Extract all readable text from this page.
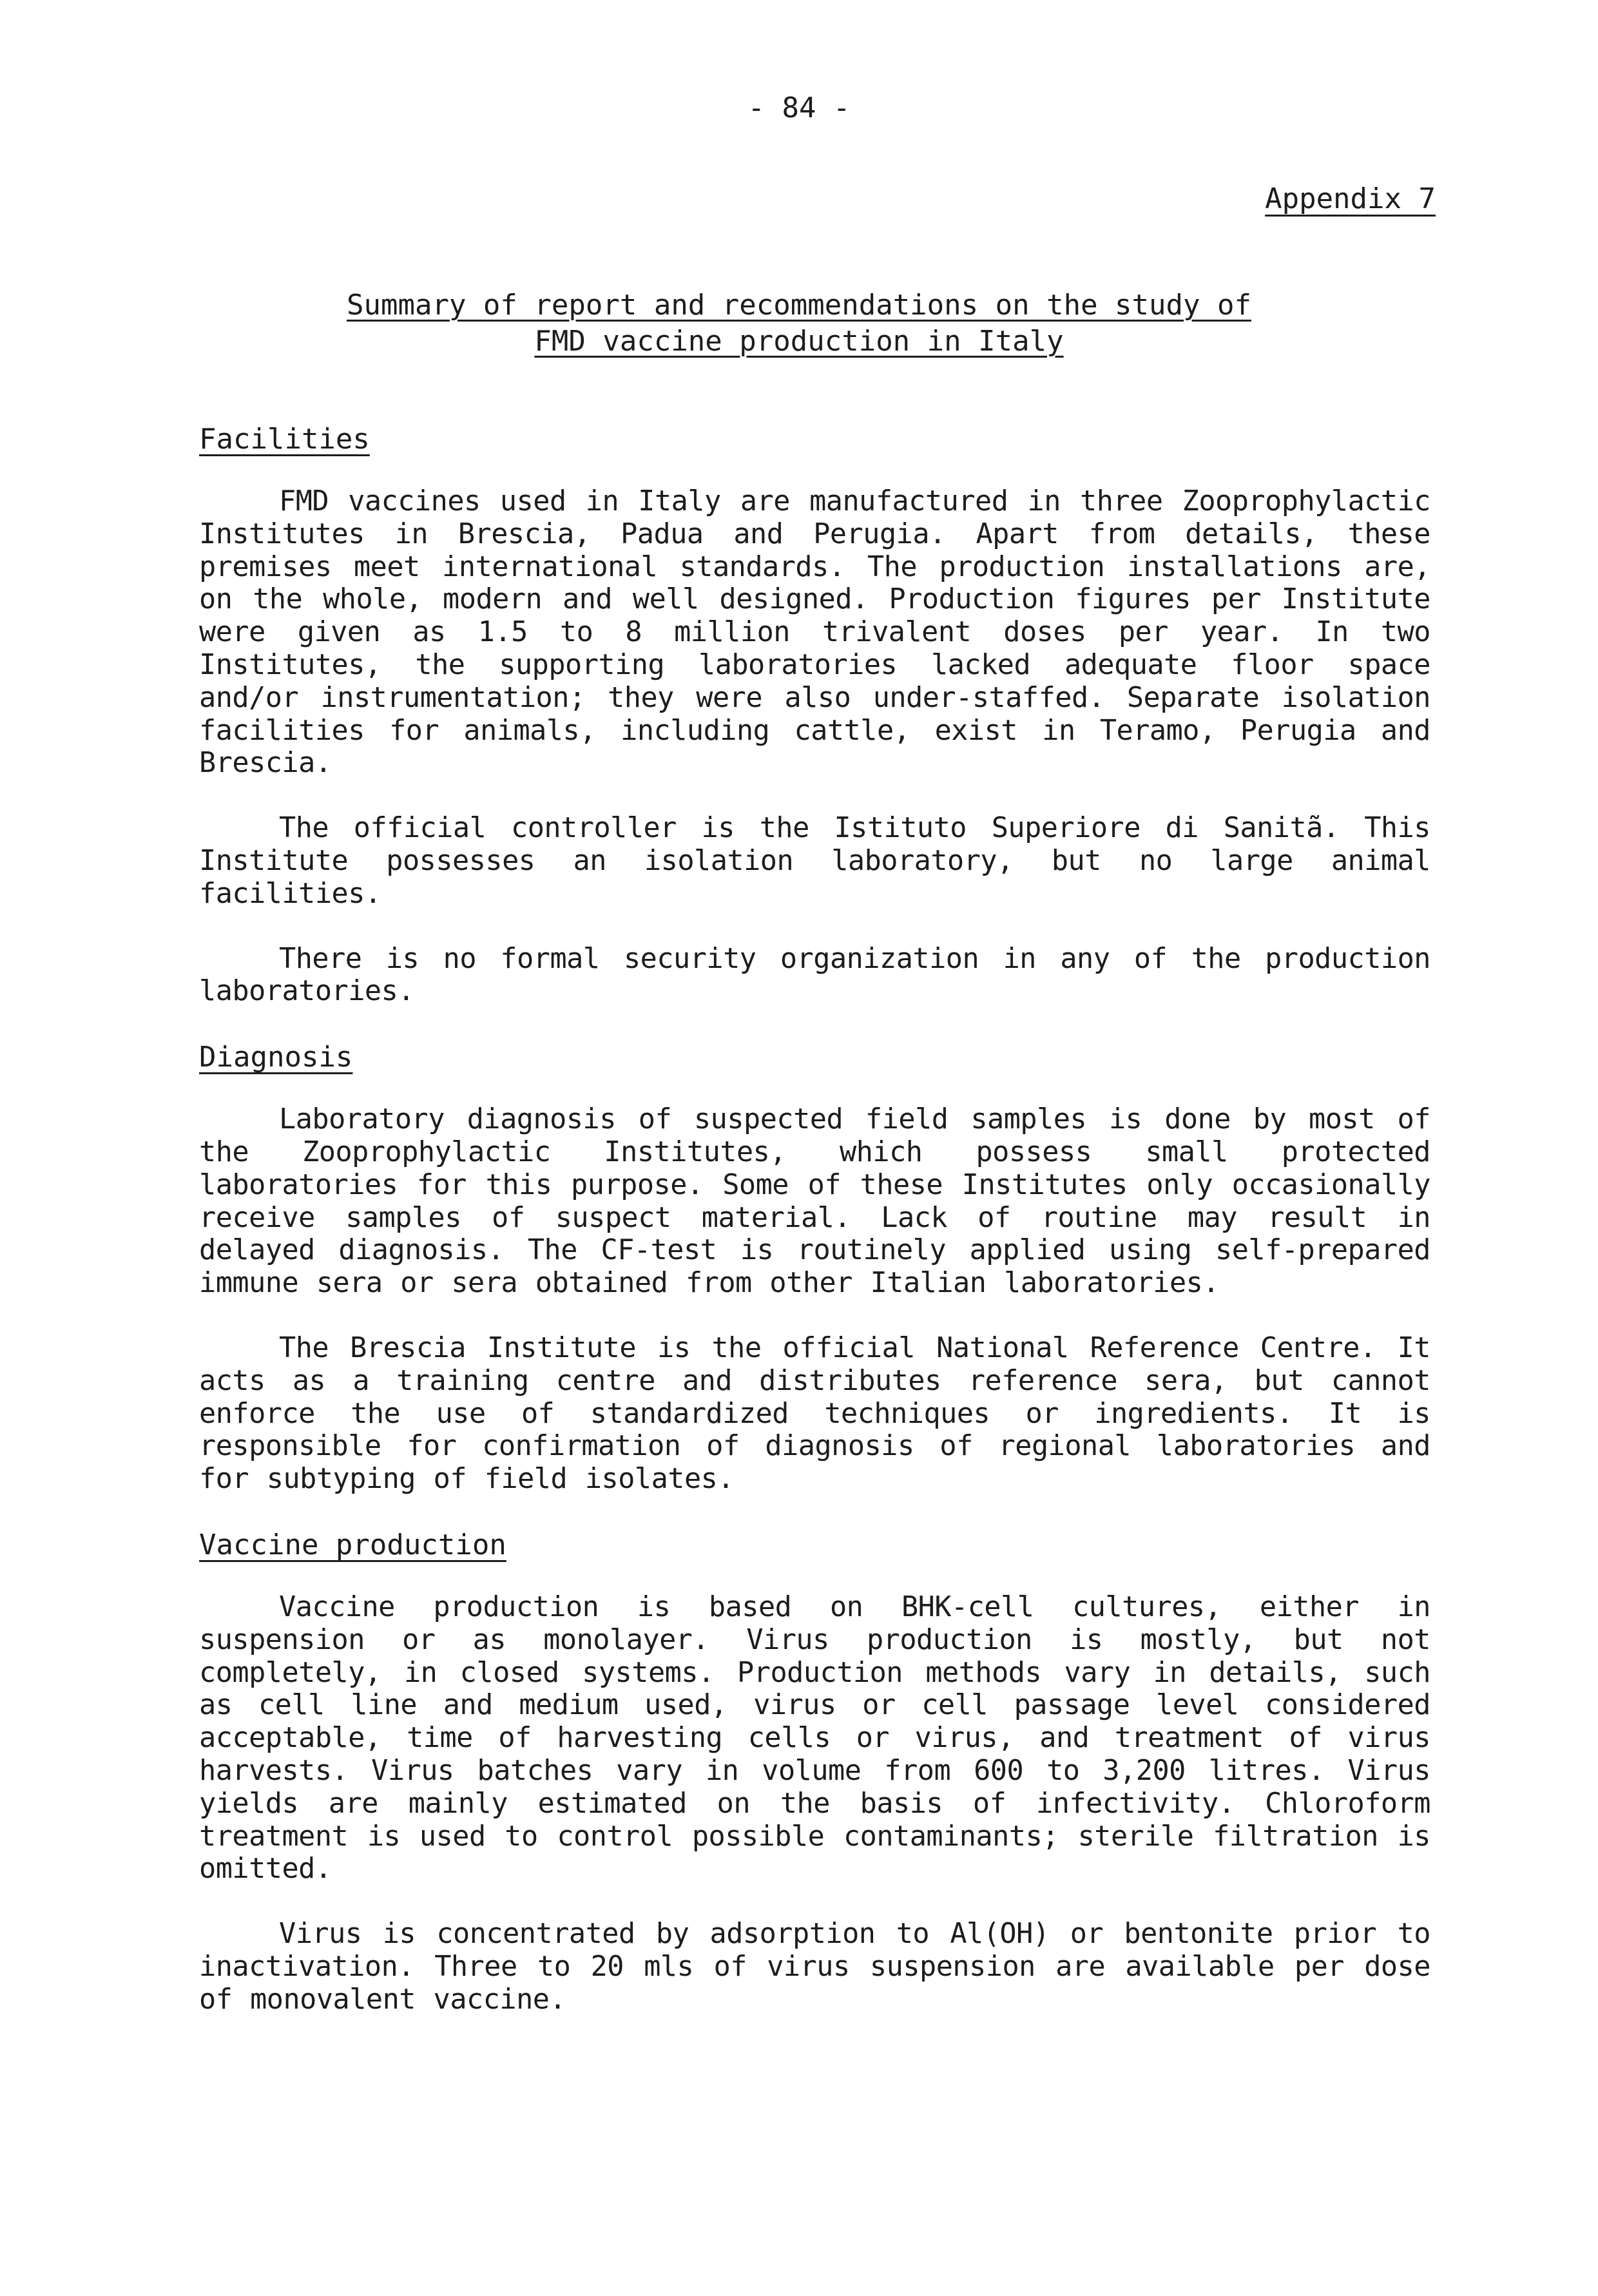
- 84 -
Appendix 7
Summary of report and recommendations on the study of
FMD vaccine production in Italy
Facilities

FMD vaccines used in Italy are manufactured in three Zooprophylactic Institutes in Brescia, Padua and Perugia. Apart from details, these premises meet international standards. The production installations are, on the whole, modern and well designed. Production figures per Institute were given as 1.5 to 8 million trivalent doses per year. In two Institutes, the supporting laboratories lacked adequate floor space and/or instrumentation; they were also under-staffed. Separate isolation facilities for animals, including cattle, exist in Teramo, Perugia and Brescia.

The official controller is the Istituto Superiore di Sanitã. This Institute possesses an isolation laboratory, but no large animal facilities.

There is no formal security organization in any of the production laboratories.

Diagnosis

Laboratory diagnosis of suspected field samples is done by most of the Zooprophylactic Institutes, which possess small protected laboratories for this purpose. Some of these Institutes only occasionally receive samples of suspect material. Lack of routine may result in delayed diagnosis. The CF-test is routinely applied using self-prepared immune sera or sera obtained from other Italian laboratories.

The Brescia Institute is the official National Reference Centre. It acts as a training centre and distributes reference sera, but cannot enforce the use of standardized techniques or ingredients. It is responsible for confirmation of diagnosis of regional laboratories and for subtyping of field isolates.

Vaccine production

Vaccine production is based on BHK-cell cultures, either in suspension or as monolayer. Virus production is mostly, but not completely, in closed systems. Production methods vary in details, such as cell line and medium used, virus or cell passage level considered acceptable, time of harvesting cells or virus, and treatment of virus harvests. Virus batches vary in volume from 600 to 3,200 litres. Virus yields are mainly estimated on the basis of infectivity. Chloroform treatment is used to control possible contaminants; sterile filtration is omitted.

Virus is concentrated by adsorption to Al(OH) or bentonite prior to inactivation. Three to 20 mls of virus suspension are available per dose of monovalent vaccine.
